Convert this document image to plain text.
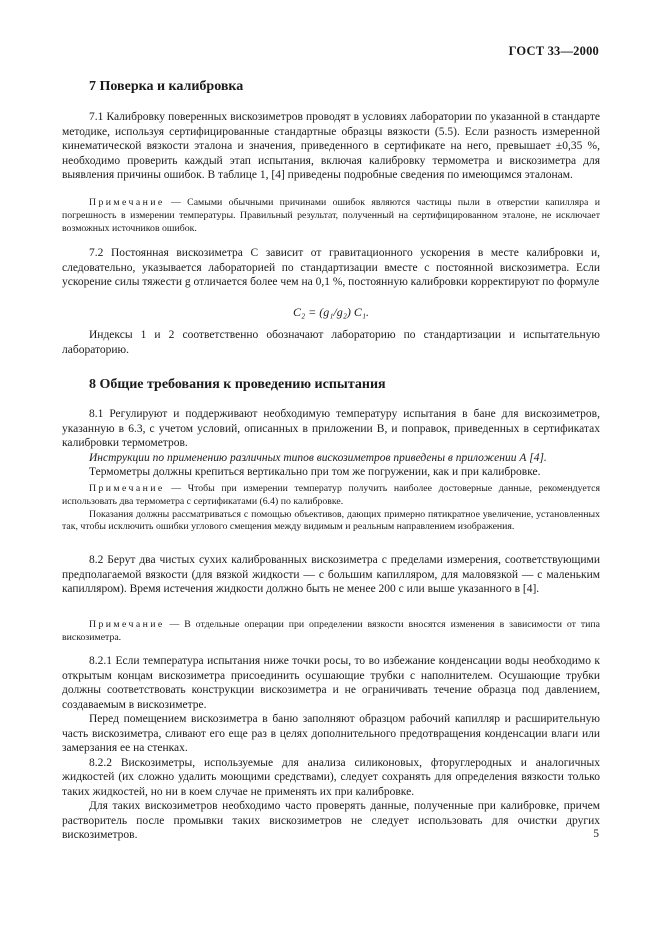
ГОСТ 33—2000
7 Поверка и калибровка

7.1 Калибровку поверенных вискозиметров проводят в условиях лаборатории по указанной в стандарте методике, используя сертифицированные стандартные образцы вязкости (5.5). Если разность измеренной кинематической вязкости эталона и значения, приведенного в сертификате на него, превышает ±0,35 %, необходимо проверить каждый этап испытания, включая калибровку термометра и вискозиметра для выявления причины ошибок. В таблице 1, [4] приведены подробные сведения по имеющимся эталонам.

Примечание — Самыми обычными причинами ошибок являются частицы пыли в отверстии капилляра и погрешность в измерении температуры. Правильный результат, полученный на сертифицированном эталоне, не исключает возможных источников ошибок.

7.2 Постоянная вискозиметра C зависит от гравитационного ускорения в месте калибровки и, следовательно, указывается лабораторией по стандартизации вместе с постоянной вискозиметра. Если ускорение силы тяжести g отличается более чем на 0,1 %, постоянную калибровки корректируют по формуле

C₂ = (g₁/g₂) C₁.

Индексы 1 и 2 соответственно обозначают лабораторию по стандартизации и испытательную лабораторию.

8 Общие требования к проведению испытания

8.1 Регулируют и поддерживают необходимую температуру испытания в бане для вискозиметров, указанную в 6.3, с учетом условий, описанных в приложении В, и поправок, приведенных в сертификатах калибровки термометров.

Инструкции по применению различных типов вискозиметров приведены в приложении А [4].

Термометры должны крепиться вертикально при том же погружении, как и при калибровке.

Примечание — Чтобы при измерении температур получить наиболее достоверные данные, рекомендуется использовать два термометра с сертификатами (6.4) по калибровке.

Показания должны рассматриваться с помощью объективов, дающих примерно пятикратное увеличение, установленных так, чтобы исключить ошибки углового смещения между видимым и реальным направлением изображения.

8.2 Берут два чистых сухих калиброванных вискозиметра с пределами измерения, соответствующими предполагаемой вязкости (для вязкой жидкости — с большим капилляром, для маловязкой — с маленьким капилляром). Время истечения жидкости должно быть не менее 200 с или выше указанного в [4].

Примечание — В отдельные операции при определении вязкости вносятся изменения в зависимости от типа вискозиметра.

8.2.1 Если температура испытания ниже точки росы, то во избежание конденсации воды необходимо к открытым концам вискозиметра присоединить осушающие трубки с наполнителем. Осушающие трубки должны соответствовать конструкции вискозиметра и не ограничивать течение образца под давлением, создаваемым в вискозиметре.

Перед помещением вискозиметра в баню заполняют образцом рабочий капилляр и расширительную часть вискозиметра, сливают его еще раз в целях дополнительного предотвращения конденсации влаги или замерзания ее на стенках.

8.2.2 Вискозиметры, используемые для анализа силиконовых, фторуглеродных и аналогичных жидкостей (их сложно удалить моющими средствами), следует сохранять для определения вязкости только таких жидкостей, но ни в коем случае не применять их при калибровке.

Для таких вискозиметров необходимо часто проверять данные, полученные при калибровке, причем растворитель после промывки таких вискозиметров не следует использовать для очистки других вискозиметров.	5
